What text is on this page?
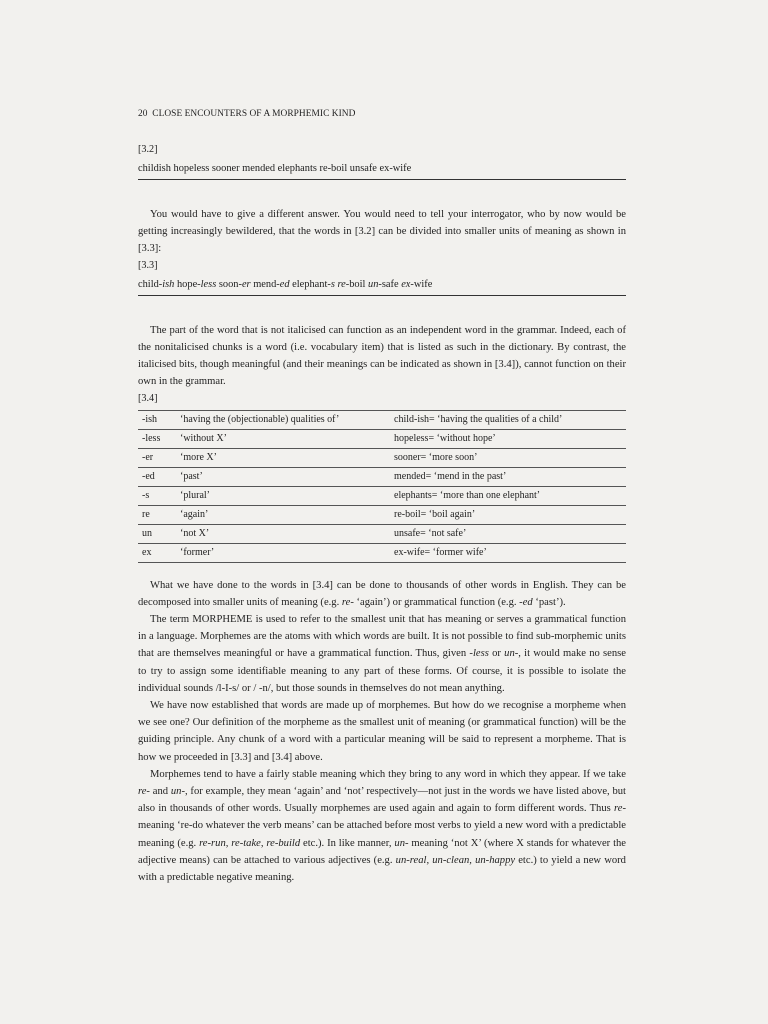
20 CLOSE ENCOUNTERS OF A MORPHEMIC KIND
[3.2]
childish hopeless sooner mended elephants re-boil unsafe ex-wife

You would have to give a different answer. You would need to tell your interrogator, who by now would be getting increasingly bewildered, that the words in [3.2] can be divided into smaller units of meaning as shown in [3.3]:

[3.3]
child-ish hope-less soon-er mend-ed elephant-s re-boil un-safe ex-wife

The part of the word that is not italicised can function as an independent word in the grammar. Indeed, each of the nonitalicised chunks is a word (i.e. vocabulary item) that is listed as such in the dictionary. By contrast, the italicised bits, though meaningful (and their meanings can be indicated as shown in [3.4]), cannot function on their own in the grammar.

[3.4]
-ish	‘having the (objectionable) qualities of’	child-ish= ‘having the qualities of a child’
-less	‘without X’	hopeless= ‘without hope’
-er	‘more X’	sooner= ‘more soon’
-ed	‘past’	mended= ‘mend in the past’
-s	‘plural’	elephants= ‘more than one elephant’
re	‘again’	re-boil= ‘boil again’
un	‘not X’	unsafe= ‘not safe’
ex	‘former’	ex-wife= ‘former wife’

What we have done to the words in [3.4] can be done to thousands of other words in English. They can be decomposed into smaller units of meaning (e.g. re- ‘again’) or grammatical function (e.g. -ed ‘past’).

The term MORPHEME is used to refer to the smallest unit that has meaning or serves a grammatical function in a language. Morphemes are the atoms with which words are built. It is not possible to find sub-morphemic units that are themselves meaningful or have a grammatical function. Thus, given -less or un-, it would make no sense to try to assign some identifiable meaning to any part of these forms. Of course, it is possible to isolate the individual sounds /l-I-s/ or / -n/, but those sounds in themselves do not mean anything.

We have now established that words are made up of morphemes. But how do we recognise a morpheme when we see one? Our definition of the morpheme as the smallest unit of meaning (or grammatical function) will be the guiding principle. Any chunk of a word with a particular meaning will be said to represent a morpheme. That is how we proceeded in [3.3] and [3.4] above.

Morphemes tend to have a fairly stable meaning which they bring to any word in which they appear. If we take re- and un-, for example, they mean ‘again’ and ‘not’ respectively—not just in the words we have listed above, but also in thousands of other words. Usually morphemes are used again and again to form different words. Thus re- meaning ‘re-do whatever the verb means’ can be attached before most verbs to yield a new word with a predictable meaning (e.g. re-run, re-take, re-build etc.). In like manner, un- meaning ‘not X’ (where X stands for whatever the adjective means) can be attached to various adjectives (e.g. un-real, un-clean, un-happy etc.) to yield a new word with a predictable negative meaning.
